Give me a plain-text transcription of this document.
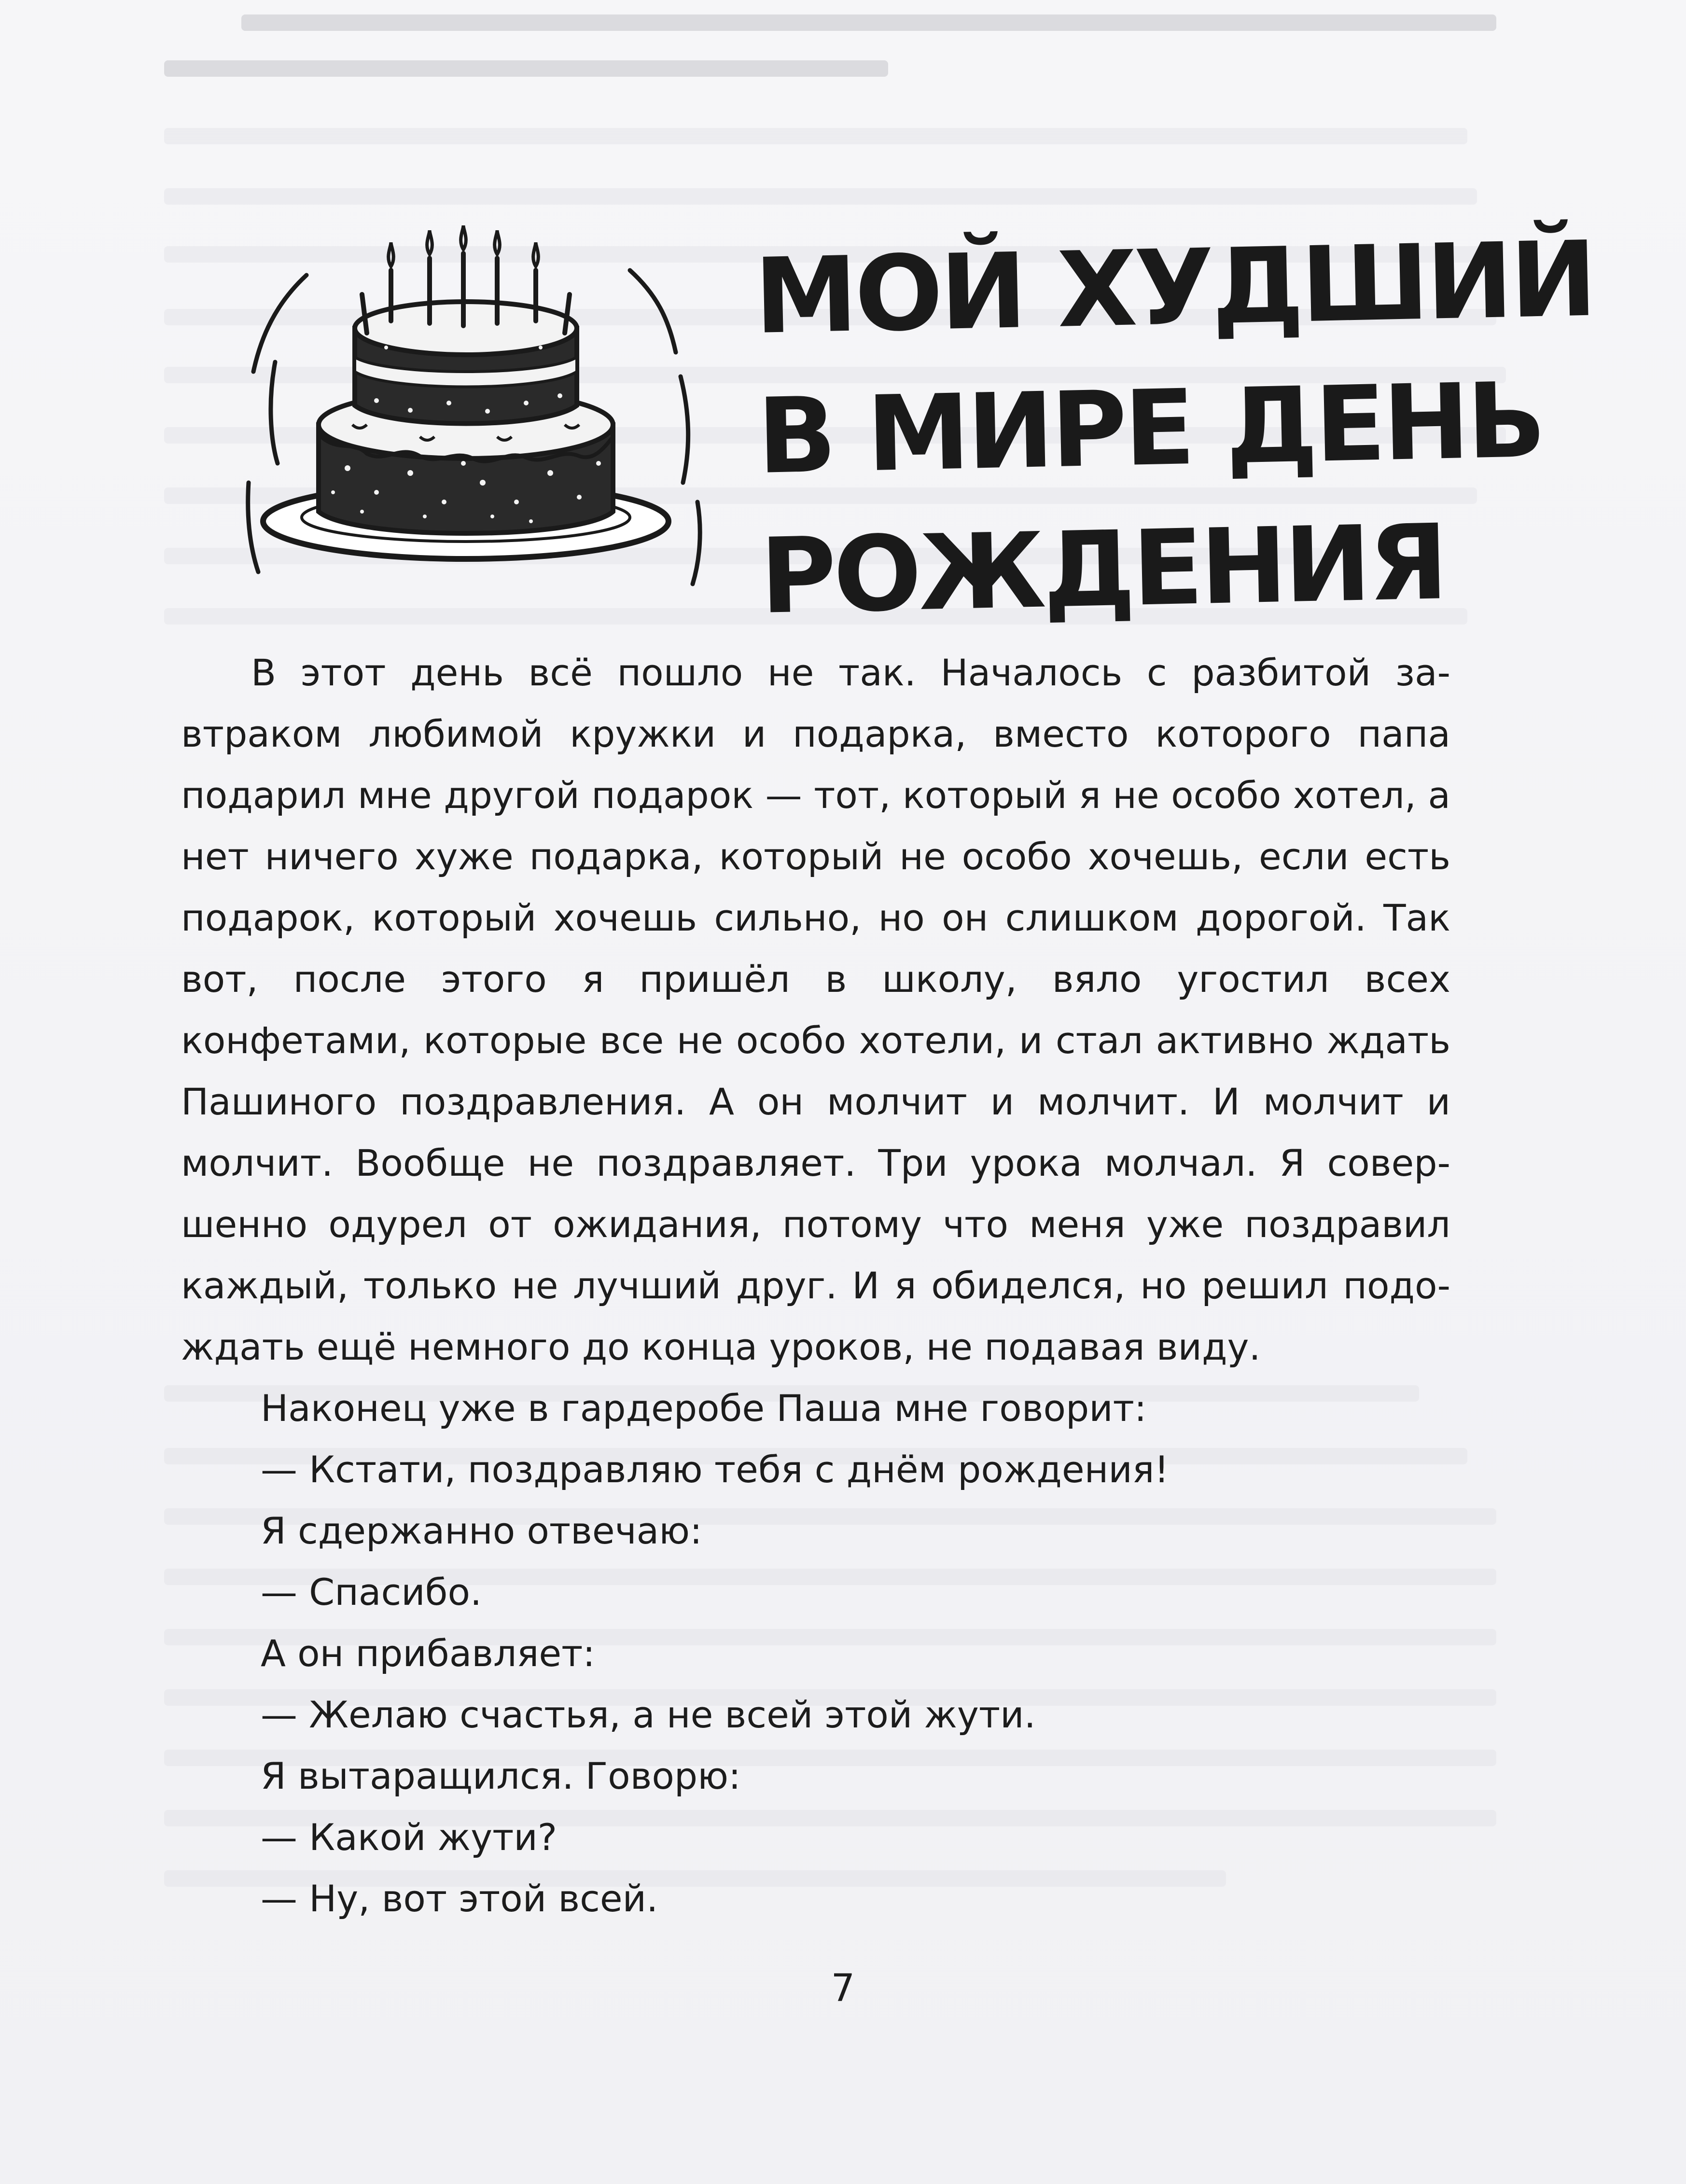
МОЙ ХУДШИЙ
В МИРЕ ДЕНЬ
РОЖДЕНИЯ

В этот день всё пошло не так. Началось с разбитой завтраком любимой кружки и подарка, вместо которого папа подарил мне другой подарок — тот, который я не особо хотел, а нет ничего хуже подарка, который не особо хочешь, если есть подарок, который хочешь сильно, но он слишком дорогой. Так вот, после этого я пришёл в школу, вяло угостил всех конфетами, которые все не особо хотели, и стал активно ждать Пашиного поздравления. А он молчит и молчит. И молчит и молчит. Вообще не поздравляет. Три урока молчал. Я совершенно одурел от ожидания, потому что меня уже поздравил каждый, только не лучший друг. И я обиделся, но решил подождать ещё немного до конца уроков, не подавая виду.

Наконец уже в гардеробе Паша мне говорит:

— Кстати, поздравляю тебя с днём рождения!

Я сдержанно отвечаю:

— Спасибо.

А он прибавляет:

— Желаю счастья, а не всей этой жути.

Я вытаращился. Говорю:

— Какой жути?

— Ну, вот этой всей.

7
